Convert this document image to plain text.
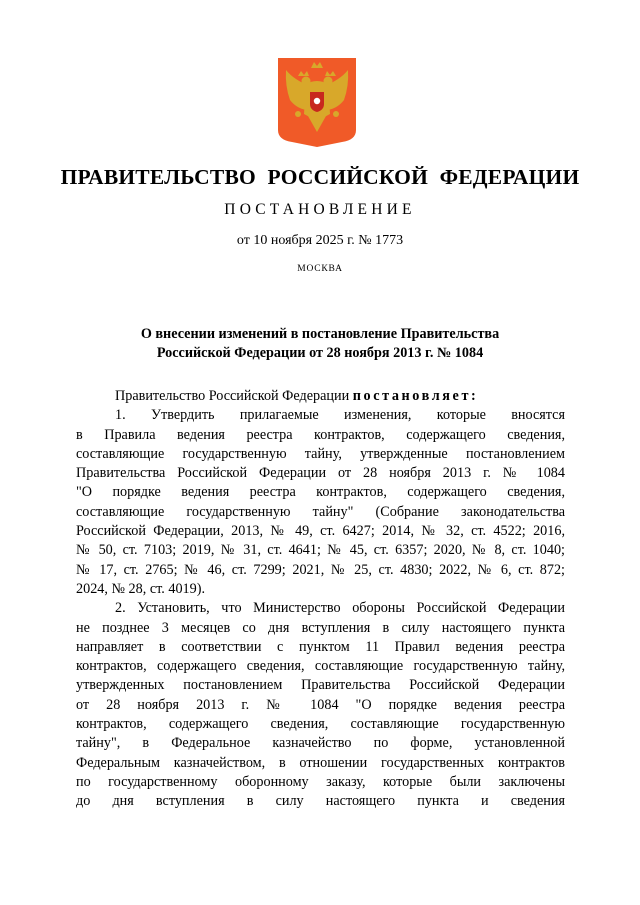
ПРАВИТЕЛЬСТВО РОССИЙСКОЙ ФЕДЕРАЦИИ
ПОСТАНОВЛЕНИЕ
от 10 ноября 2025 г. № 1773
МОСКВА
О внесении изменений в постановление Правительства
Российской Федерации от 28 ноября 2013 г. № 1084
Правительство Российской Федерации постановляет:
1. Утвердить прилагаемые изменения, которые вносятся
в Правила ведения реестра контрактов, содержащего сведения,
составляющие государственную тайну, утвержденные постановлением
Правительства Российской Федерации от 28 ноября 2013 г. № 1084
"О порядке ведения реестра контрактов, содержащего сведения,
составляющие государственную тайну" (Собрание законодательства
Российской Федерации, 2013, № 49, ст. 6427; 2014, № 32, ст. 4522; 2016,
№ 50, ст. 7103; 2019, № 31, ст. 4641; № 45, ст. 6357; 2020, № 8, ст. 1040;
№ 17, ст. 2765; № 46, ст. 7299; 2021, № 25, ст. 4830; 2022, № 6, ст. 872;
2024, № 28, ст. 4019).
2. Установить, что Министерство обороны Российской Федерации
не позднее 3 месяцев со дня вступления в силу настоящего пункта
направляет в соответствии с пунктом 11 Правил ведения реестра
контрактов, содержащего сведения, составляющие государственную тайну,
утвержденных постановлением Правительства Российской Федерации
от 28 ноября 2013 г. № 1084 "О порядке ведения реестра
контрактов, содержащего сведения, составляющие государственную
тайну", в Федеральное казначейство по форме, установленной
Федеральным казначейством, в отношении государственных контрактов
по государственному оборонному заказу, которые были заключены
до дня вступления в силу настоящего пункта и сведения
